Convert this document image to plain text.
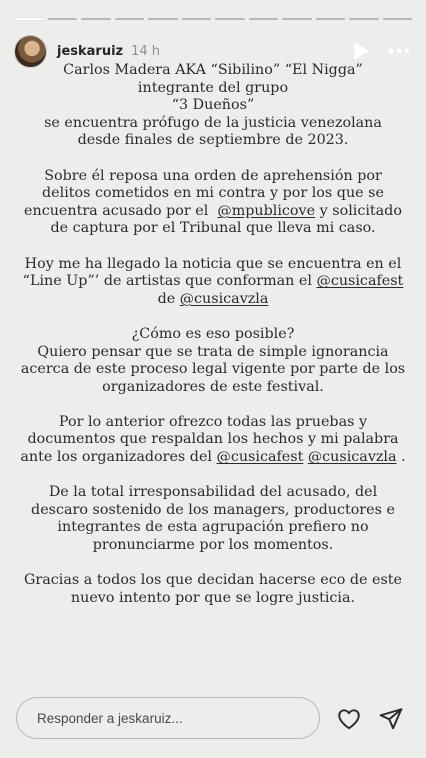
jeskaruiz 14 h

Carlos Madera AKA “Sibilino” “El Nigga”
integrante del grupo
“3 Dueños”
se encuentra prófugo de la justicia venezolana
desde finales de septiembre de 2023.

Sobre él reposa una orden de aprehensión por
delitos cometidos en mi contra y por los que se
encuentra acusado por el  @mpublicove y solicitado
de captura por el Tribunal que lleva mi caso.

Hoy me ha llegado la noticia que se encuentra en el
“Line Up”’ de artistas que conforman el @cusicafest
de @cusicavzla

¿Cómo es eso posible?
Quiero pensar que se trata de simple ignorancia
acerca de este proceso legal vigente por parte de los
organizadores de este festival.

Por lo anterior ofrezco todas las pruebas y
documentos que respaldan los hechos y mi palabra
ante los organizadores del @cusicafest @cusicavzla .

De la total irresponsabilidad del acusado, del
descaro sostenido de los managers, productores e
integrantes de esta agrupación prefiero no
pronunciarme por los momentos.

Gracias a todos los que decidan hacerse eco de este
nuevo intento por que se logre justicia.

Responder a jeskaruiz...
